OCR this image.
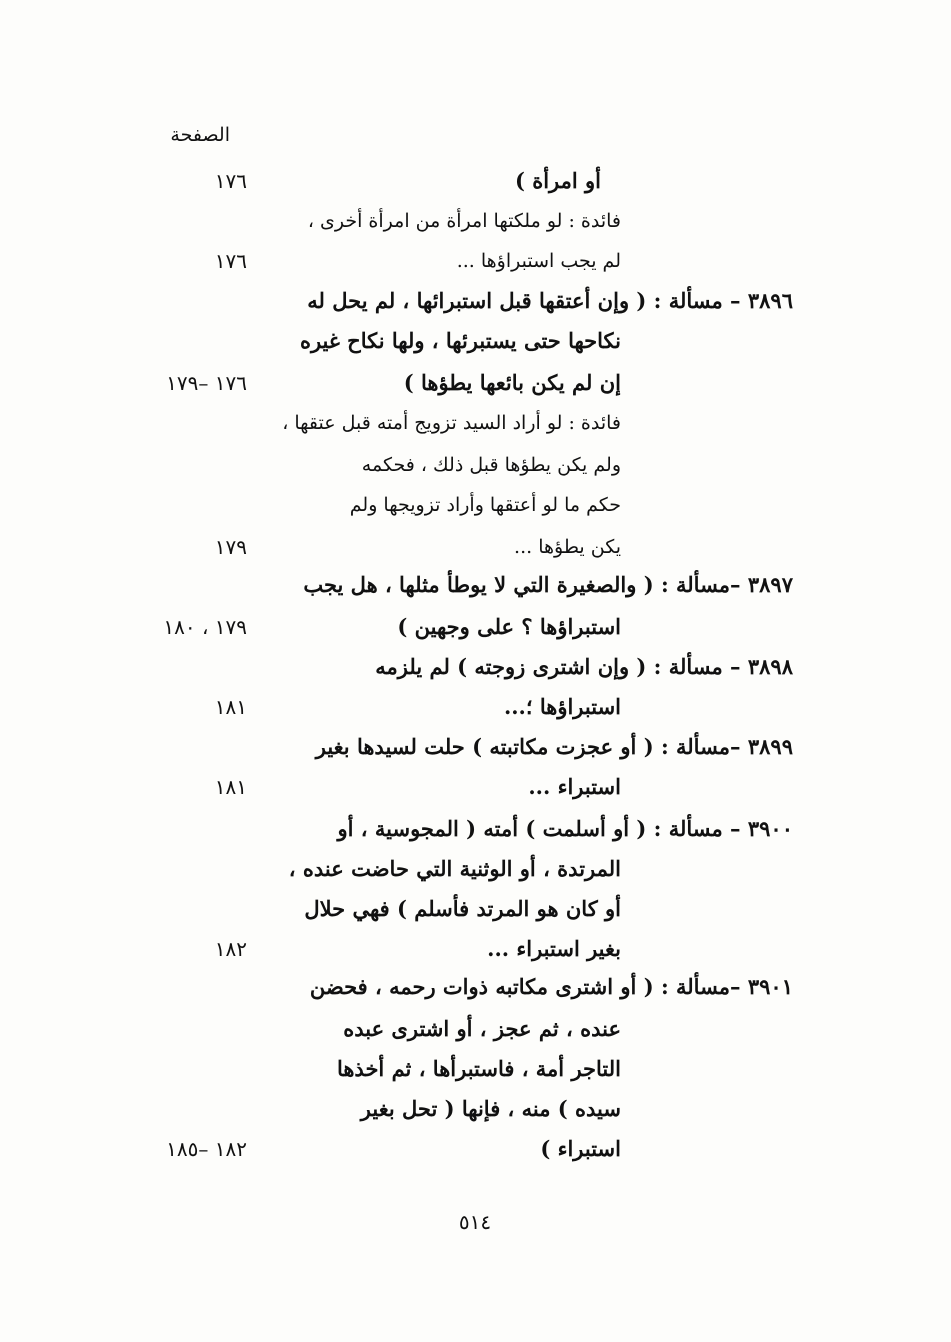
الصفحة
أو امرأة )
١٧٦
فائدة : لو ملكتها امرأة من امرأة أخرى ،
لم يجب استبراؤها ...
١٧٦
٣٨٩٦ – مسألة : ( وإن أعتقها قبل استبرائها ، لم يحل له
نكاحها حتى يستبرئها ، ولها نكاح غيره
إن لم يكن بائعها يطؤها )
١٧٦ –١٧٩
فائدة : لو أراد السيد تزويج أمته قبل عتقها ،
ولم يكن يطؤها قبل ذلك ، فحكمه
حكم ما لو أعتقها وأراد تزويجها ولم
يكن يطؤها ...
١٧٩
٣٨٩٧ –مسألة : ( والصغيرة التي لا يوطأ مثلها ، هل يجب
استبراؤها ؟ على وجهين )
١٧٩ ، ١٨٠
٣٨٩٨ – مسألة : ( وإن اشترى زوجته ) لم يلزمه
استبراؤها ؛...
١٨١
٣٨٩٩ –مسألة : ( أو عجزت مكاتبته ) حلت لسيدها بغير
استبراء ...
١٨١
٣٩٠٠ – مسألة : ( أو أسلمت ) أمته ( المجوسية ، أو
المرتدة ، أو الوثنية التي حاضت عنده ،
أو كان هو المرتد فأسلم ) فهي حلال
بغير استبراء ...
١٨٢
٣٩٠١ –مسألة : ( أو اشترى مكاتبه ذوات رحمه ، فحضن
عنده ، ثم عجز ، أو اشترى عبده
التاجر أمة ، فاستبرأها ، ثم أخذها
سيده ) منه ، فإنها ( تحل بغير
استبراء )
١٨٢ –١٨٥
٥١٤
